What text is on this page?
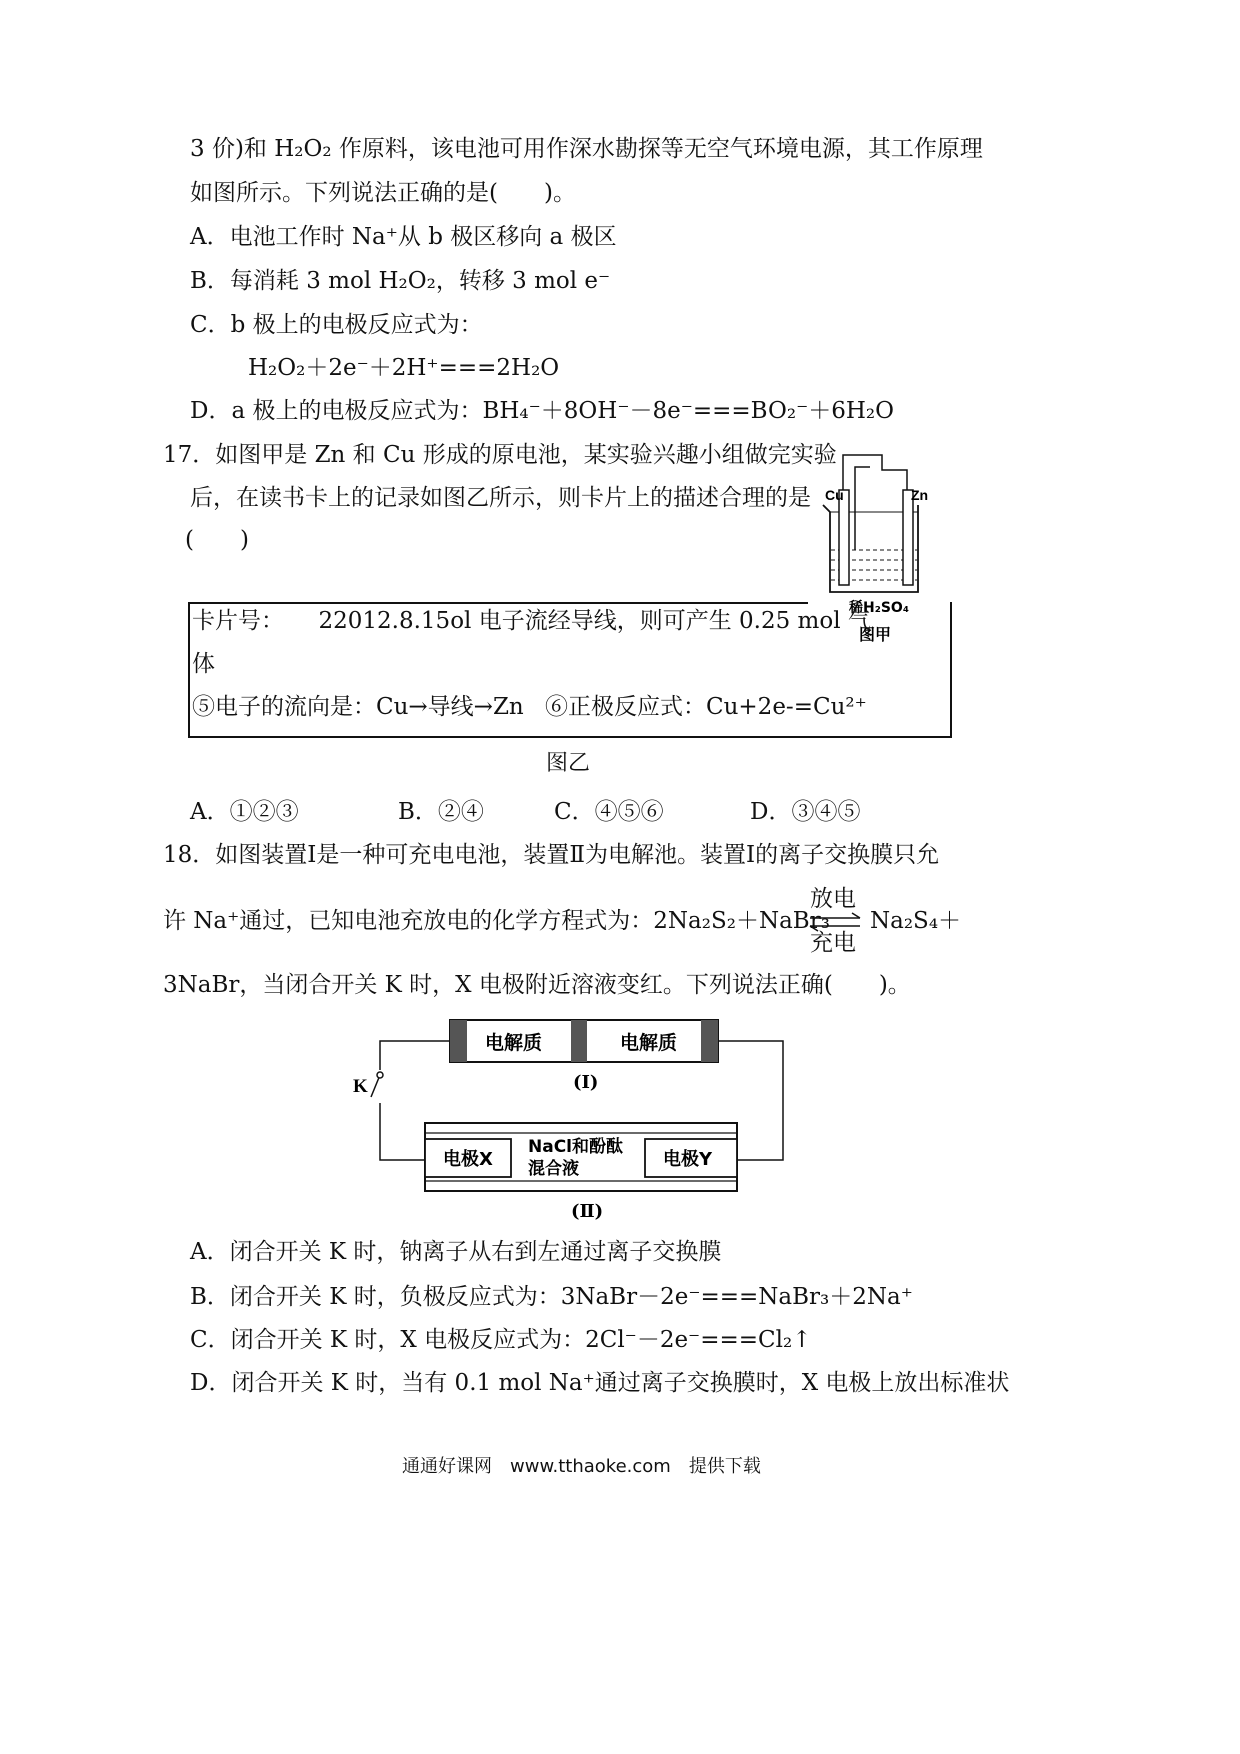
3 价)和 H₂O₂ 作原料，该电池可用作深水勘探等无空气环境电源，其工作原理
如图所示。下列说法正确的是(　　)。
A．电池工作时 Na⁺从 b 极区移向 a 极区
B．每消耗 3 mol H₂O₂，转移 3 mol e⁻
C．b 极上的电极反应式为：
H₂O₂＋2e⁻＋2H⁺===2H₂O
D．a 极上的电极反应式为：BH₄⁻＋8OH⁻－8e⁻===BO₂⁻＋6H₂O
17．如图甲是 Zn 和 Cu 形成的原电池，某实验兴趣小组做完实验
后，在读书卡上的记录如图乙所示，则卡片上的描述合理的是
(　　)
Cu	Zn
稀H₂SO₄
图甲
卡片号：　　22012.8.15ol 电子流经导线，则可产生 0.25 mol 气
体
⑤电子的流向是：Cu→导线→Zn ⑥正极反应式：Cu+2e-=Cu²⁺
图乙
A．①②③	B．②④	C．④⑤⑥	D．③④⑤
18．如图装置Ⅰ是一种可充电电池，装置Ⅱ为电解池。装置Ⅰ的离子交换膜只允
许 Na⁺通过，已知电池充放电的化学方程式为：2Na₂S₂＋NaBr₃
放电
充电
⇌ Na₂S₄＋
3NaBr，当闭合开关 K 时，X 电极附近溶液变红。下列说法正确(　　)。
电解质	电解质
(Ⅰ)
K
电极X	电极Y
NaCl和酚酞
混合液
(Ⅱ)
A．闭合开关 K 时，钠离子从右到左通过离子交换膜
B．闭合开关 K 时，负极反应式为：3NaBr－2e⁻===NaBr₃＋2Na⁺
C．闭合开关 K 时，X 电极反应式为：2Cl⁻－2e⁻===Cl₂↑
D．闭合开关 K 时，当有 0.1 mol Na⁺通过离子交换膜时，X 电极上放出标准状
通通好课网　www.tthaoke.com　提供下载
